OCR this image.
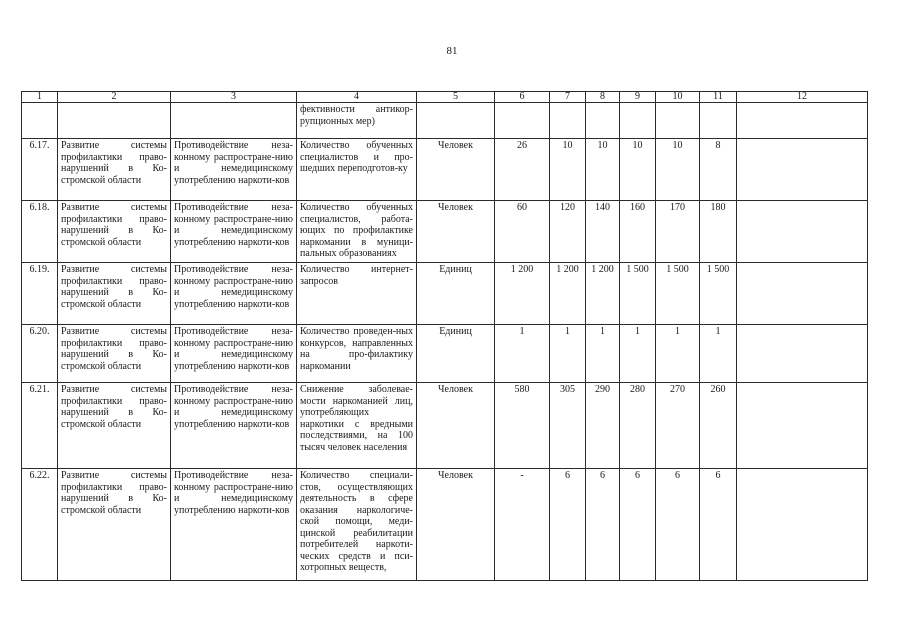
81
1	2	3	4	5	6	7	8	9	10	11	12
			фективности антикор-рупционных мер)								
6.17.	Развитие системы профилактики право-нарушений в Ко-стромской области	Противодействие неза-конному распростране-нию и немедицинскому употреблению наркоти-ков	Количество обученных специалистов и про-шедших переподготов-ку	Человек	26	10	10	10	10	8	
6.18.	Развитие системы профилактики право-нарушений в Ко-стромской области	Противодействие неза-конному распростране-нию и немедицинскому употреблению наркоти-ков	Количество обученных специалистов, работа-ющих по профилактике наркомании в муници-пальных образованиях	Человек	60	120	140	160	170	180	
6.19.	Развитие системы профилактики право-нарушений в Ко-стромской области	Противодействие неза-конному распростране-нию и немедицинскому употреблению наркоти-ков	Количество интернет-запросов	Единиц	1 200	1 200	1 200	1 500	1 500	1 500	
6.20.	Развитие системы профилактики право-нарушений в Ко-стромской области	Противодействие неза-конному распростране-нию и немедицинскому употреблению наркоти-ков	Количество проведен-ных конкурсов, направленных на про-филактику наркомании	Единиц	1	1	1	1	1	1	
6.21.	Развитие системы профилактики право-нарушений в Ко-стромской области	Противодействие неза-конному распростране-нию и немедицинскому употреблению наркоти-ков	Снижение заболевае-мости наркоманией лиц, употребляющих наркотики с вредными последствиями, на 100 тысяч человек населения	Человек	580	305	290	280	270	260	
6.22.	Развитие системы профилактики право-нарушений в Ко-стромской области	Противодействие неза-конному распростране-нию и немедицинскому употреблению наркоти-ков	Количество специали-стов, осуществляющих деятельность в сфере оказания наркологиче-ской помощи, меди-цинской реабилитации потребителей наркоти-ческих средств и пси-хотропных веществ,	Человек	-	6	6	6	6	6	
